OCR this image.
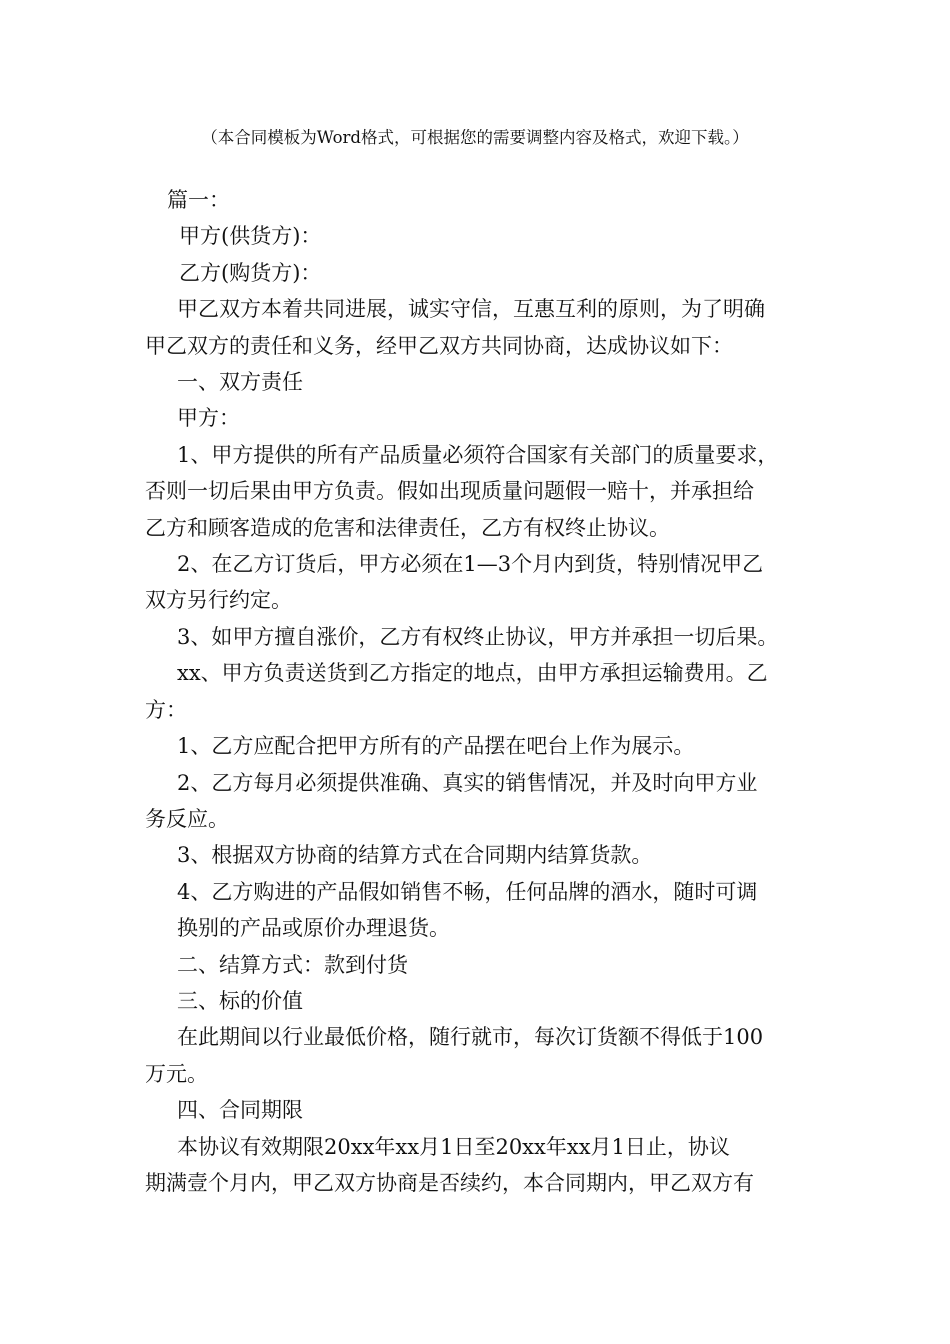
（本合同模板为Word格式，可根据您的需要调整内容及格式，欢迎下载。）

篇一：

甲方(供货方)：

乙方(购货方)：

甲乙双方本着共同进展，诚实守信，互惠互利的原则，为了明确

甲乙双方的责任和义务，经甲乙双方共同协商，达成协议如下：

一、双方责任

甲方：

1、甲方提供的所有产品质量必须符合国家有关部门的质量要求，

否则一切后果由甲方负责。假如出现质量问题假一赔十，并承担给

乙方和顾客造成的危害和法律责任，乙方有权终止协议。

2、在乙方订货后，甲方必须在1—3个月内到货，特别情况甲乙

双方另行约定。

3、如甲方擅自涨价，乙方有权终止协议，甲方并承担一切后果。

xx、甲方负责送货到乙方指定的地点，由甲方承担运输费用。乙

方：

1、乙方应配合把甲方所有的产品摆在吧台上作为展示。

2、乙方每月必须提供准确、真实的销售情况，并及时向甲方业

务反应。

3、根据双方协商的结算方式在合同期内结算货款。

4、乙方购进的产品假如销售不畅，任何品牌的酒水，随时可调

换别的产品或原价办理退货。

二、结算方式：款到付货

三、标的价值

在此期间以行业最低价格，随行就市，每次订货额不得低于100

万元。

四、合同期限

本协议有效期限20xx年xx月1日至20xx年xx月1日止，协议

期满壹个月内，甲乙双方协商是否续约，本合同期内，甲乙双方有
